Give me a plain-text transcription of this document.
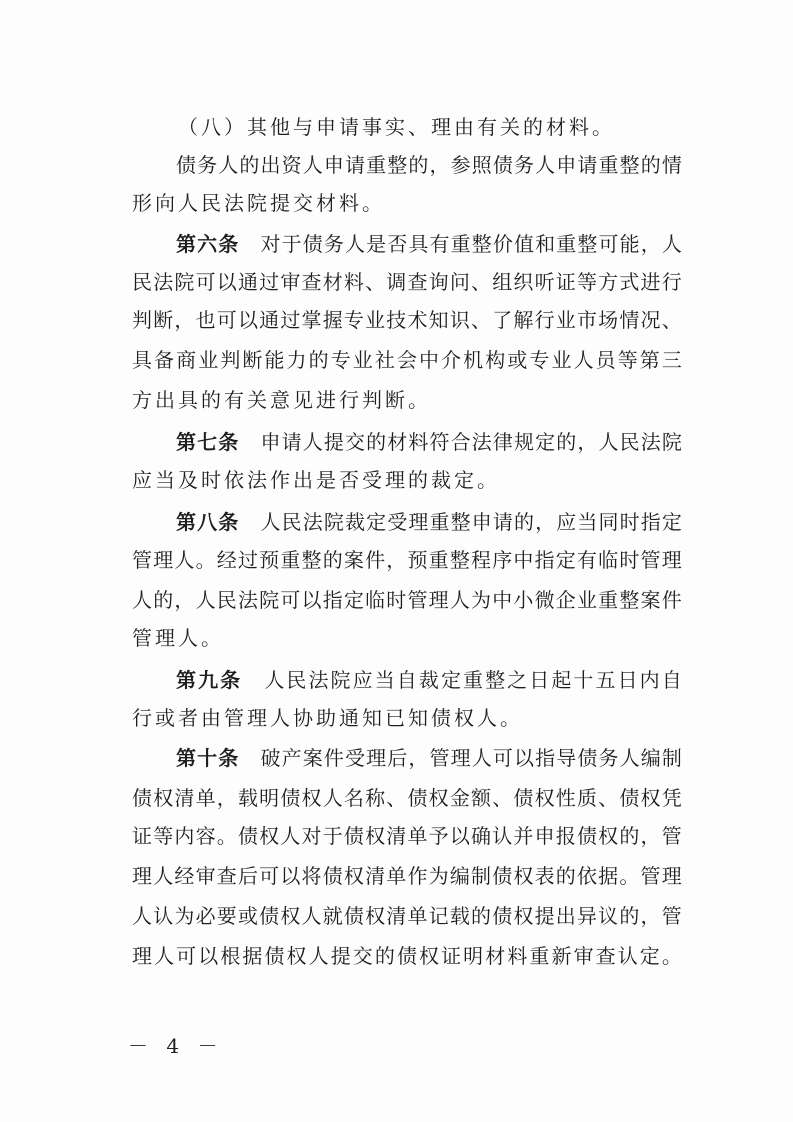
（八）其他与申请事实、理由有关的材料。
债 务 人 的 出 资 人 申 请 重 整 的 ， 参 照 债 务 人 申 请 重 整 的 情
形向人民法院提交材料。
第 六 条
　 对 于 债 务 人 是 否 具 有 重 整 价 值 和 重 整 可 能 ， 人
民 法 院 可 以 通 过 审 查 材 料 、 调 查 询 问 、 组 织 听 证 等 方 式 进 行
判 断 ， 也 可 以 通 过 掌 握 专 业 技 术 知 识 、 了 解 行 业 市 场 情 况 、
具 备 商 业 判 断 能 力 的 专 业 社 会 中 介 机 构 或 专 业 人 员 等 第 三
方出具的有关意见进行判断。
第 七 条
　 申 请 人 提 交 的 材 料 符 合 法 律 规 定 的 ， 人 民 法 院
应当及时依法作出是否受理的裁定。
第 八 条
　 人 民 法 院 裁 定 受 理 重 整 申 请 的 ， 应 当 同 时 指 定
管 理 人 。 经 过 预 重 整 的 案 件 ， 预 重 整 程 序 中 指 定 有 临 时 管 理
人 的 ， 人 民 法 院 可 以 指 定 临 时 管 理 人 为 中 小 微 企 业 重 整 案 件
管理人。
第 九 条
　 人 民 法 院 应 当 自 裁 定 重 整 之 日 起 十 五 日 内 自
行或者由管理人协助通知已知债权人。
第 十 条
　 破 产 案 件 受 理 后 ， 管 理 人 可 以 指 导 债 务 人 编 制
债 权 清 单 ， 载 明 债 权 人 名 称 、 债 权 金 额 、 债 权 性 质 、 债 权 凭
证 等 内 容 。 债 权 人 对 于 债 权 清 单 予 以 确 认 并 申 报 债 权 的 ， 管
理 人 经 审 查 后 可 以 将 债 权 清 单 作 为 编 制 债 权 表 的 依 据 。 管 理
人 认 为 必 要 或 债 权 人 就 债 权 清 单 记 载 的 债 权 提 出 异 议 的 ， 管
理 人 可 以 根 据 债 权 人 提 交 的 债 权 证 明 材 料 重 新 审 查 认 定 。
－ 4 －
